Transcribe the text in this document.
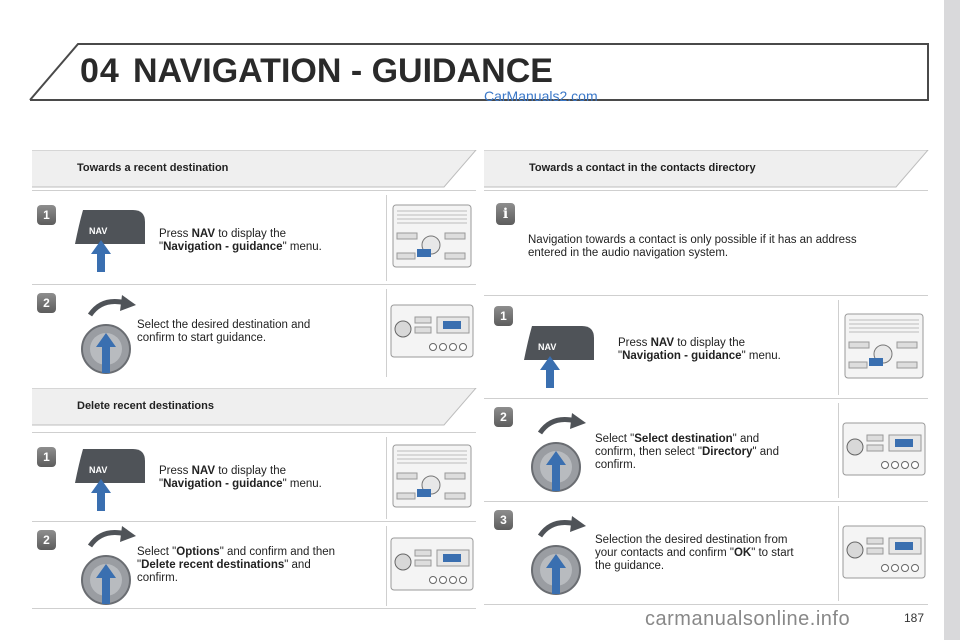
04 NAVIGATION - GUIDANCE
CarManuals2.com
Towards a recent destination
1
NAV	Press NAV to display the
"Navigation - guidance" menu.
2
Select the desired destination and
confirm to start guidance.
Delete recent destinations
1
NAV	Press NAV to display the
"Navigation - guidance" menu.
2
Select "Options" and confirm and then
"Delete recent destinations" and
confirm.
Towards a contact in the contacts directory
i
Navigation towards a contact is only possible if it has an address
entered in the audio navigation system.
1
NAV	Press NAV to display the
"Navigation - guidance" menu.
2
Select "Select destination" and
confirm, then select "Directory" and
confirm.
3
Selection the desired destination from
your contacts and confirm "OK" to start
the guidance.
carmanualsonline.info	187
